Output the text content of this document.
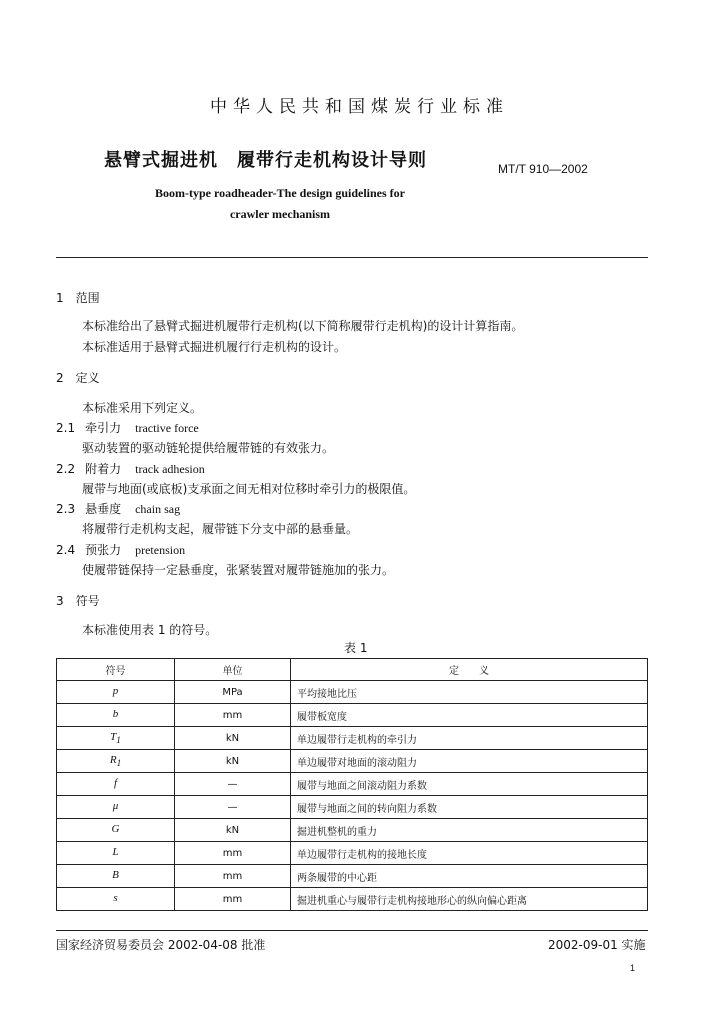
中华人民共和国煤炭行业标准
悬臂式掘进机　履带行走机构设计导则	MT/T 910—2002
Boom-type roadheader-The design guidelines for
crawler mechanism
1　范围
本标准给出了悬臂式掘进机履带行走机构(以下简称履带行走机构)的设计计算指南。
本标准适用于悬臂式掘进机履行行走机构的设计。
2　定义
本标准采用下列定义。
2.1 牵引力 tractive force
驱动装置的驱动链轮提供给履带链的有效张力。
2.2 附着力 track adhesion
履带与地面(或底板)支承面之间无相对位移时牵引力的极限值。
2.3 悬垂度 chain sag
将履带行走机构支起，履带链下分支中部的悬垂量。
2.4 预张力 pretension
使履带链保持一定悬垂度，张紧装置对履带链施加的张力。
3　符号
本标准使用表 1 的符号。
表 1
符号	单位	定　　义
p	MPa	平均接地比压
b	mm	履带板宽度
$T_1$	kN	单边履带行走机构的牵引力
$R_1$	kN	单边履带对地面的滚动阻力
f	—	履带与地面之间滚动阻力系数
μ	—	履带与地面之间的转向阻力系数
G	kN	掘进机整机的重力
L	mm	单边履带行走机构的接地长度
B	mm	两条履带的中心距
s	mm	掘进机重心与履带行走机构接地形心的纵向偏心距离
国家经济贸易委员会 2002-04-08 批准	2002-09-01 实施
1
